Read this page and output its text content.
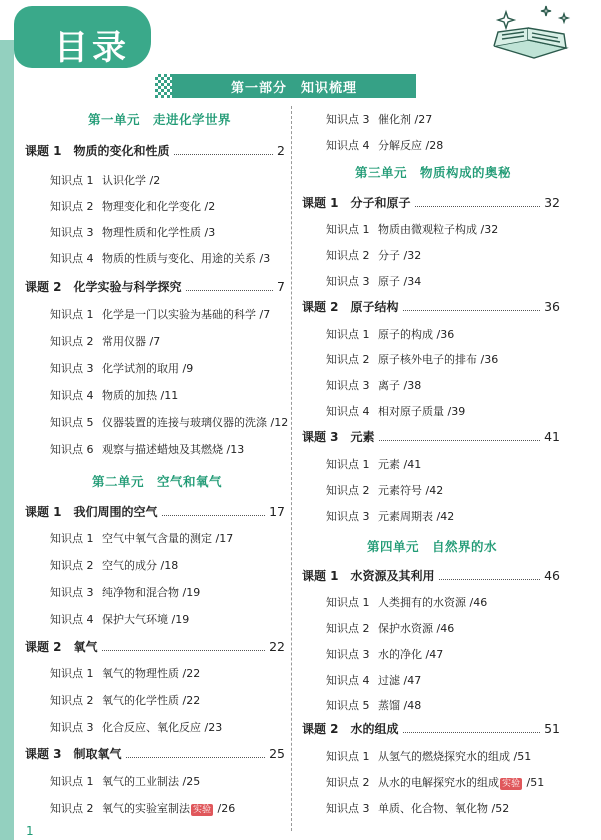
目录
第一部分　知识梳理
第一单元　走进化学世界
课题 1　物质的变化和性质	2
知识点 1 认识化学 /2
知识点 2 物理变化和化学变化 /2
知识点 3 物理性质和化学性质 /3
知识点 4 物质的性质与变化、用途的关系 /3
课题 2　化学实验与科学探究	7
知识点 1 化学是一门以实验为基础的科学 /7
知识点 2 常用仪器 /7
知识点 3 化学试剂的取用 /9
知识点 4 物质的加热 /11
知识点 5 仪器装置的连接与玻璃仪器的洗涤 /12
知识点 6 观察与描述蜡烛及其燃烧 /13
第二单元　空气和氧气
课题 1　我们周围的空气	17
知识点 1 空气中氧气含量的测定 /17
知识点 2 空气的成分 /18
知识点 3 纯净物和混合物 /19
知识点 4 保护大气环境 /19
课题 2　氧气	22
知识点 1 氧气的物理性质 /22
知识点 2 氧气的化学性质 /22
知识点 3 化合反应、氧化反应 /23
课题 3　制取氧气	25
知识点 1 氧气的工业制法 /25
知识点 2 氧气的实验室制法 实验 /26
知识点 3 催化剂 /27
知识点 4 分解反应 /28
第三单元　物质构成的奥秘
课题 1　分子和原子	32
知识点 1 物质由微观粒子构成 /32
知识点 2 分子 /32
知识点 3 原子 /34
课题 2　原子结构	36
知识点 1 原子的构成 /36
知识点 2 原子核外电子的排布 /36
知识点 3 离子 /38
知识点 4 相对原子质量 /39
课题 3　元素	41
知识点 1 元素 /41
知识点 2 元素符号 /42
知识点 3 元素周期表 /42
第四单元　自然界的水
课题 1　水资源及其利用	46
知识点 1 人类拥有的水资源 /46
知识点 2 保护水资源 /46
知识点 3 水的净化 /47
知识点 4 过滤 /47
知识点 5 蒸馏 /48
课题 2　水的组成	51
知识点 1 从氢气的燃烧探究水的组成 /51
知识点 2 从水的电解探究水的组成 实验 /51
知识点 3 单质、化合物、氧化物 /52
1
